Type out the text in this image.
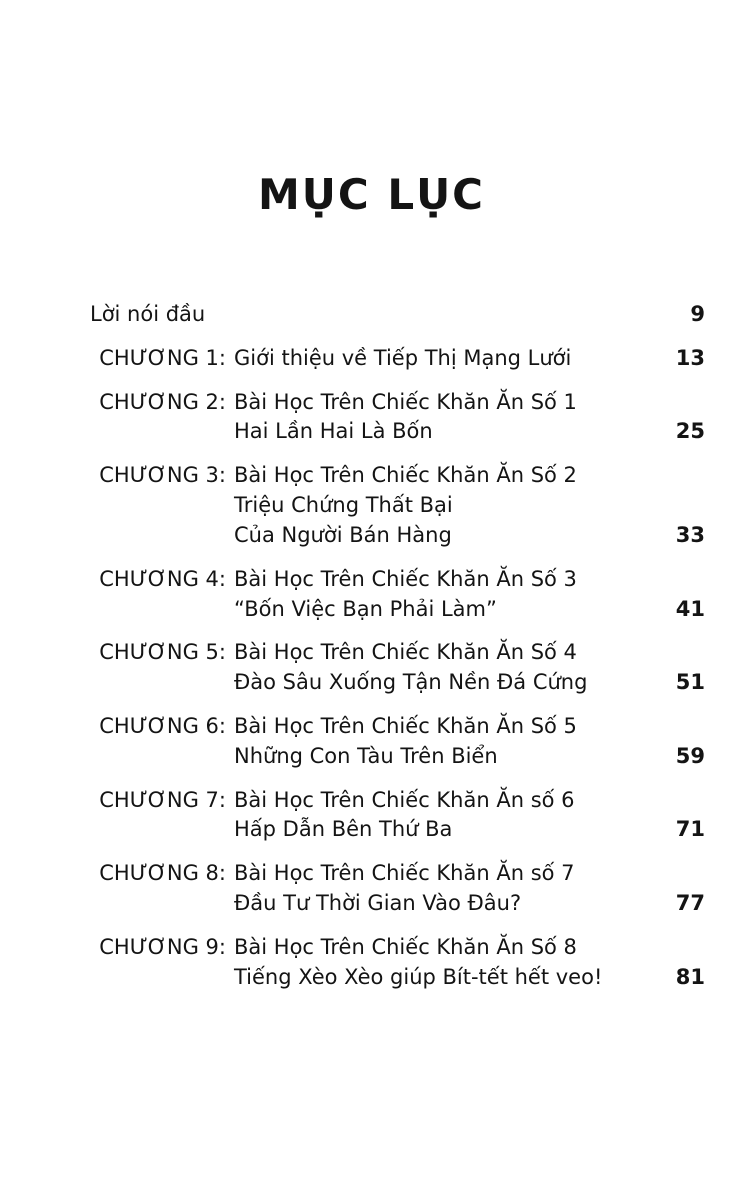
MỤC LỤC
Lời nói đầu	9
CHƯƠNG 1: Giới thiệu về Tiếp Thị Mạng Lưới	13
CHƯƠNG 2: Bài Học Trên Chiếc Khăn Ăn Số 1
Hai Lần Hai Là Bốn	25
CHƯƠNG 3: Bài Học Trên Chiếc Khăn Ăn Số 2
Triệu Chứng Thất Bại
Của Người Bán Hàng	33
CHƯƠNG 4: Bài Học Trên Chiếc Khăn Ăn Số 3
“Bốn Việc Bạn Phải Làm”	41
CHƯƠNG 5: Bài Học Trên Chiếc Khăn Ăn Số 4
Đào Sâu Xuống Tận Nền Đá Cứng	51
CHƯƠNG 6: Bài Học Trên Chiếc Khăn Ăn Số 5
Những Con Tàu Trên Biển	59
CHƯƠNG 7: Bài Học Trên Chiếc Khăn Ăn số 6
Hấp Dẫn Bên Thứ Ba	71
CHƯƠNG 8: Bài Học Trên Chiếc Khăn Ăn số 7
Đầu Tư Thời Gian Vào Đâu?	77
CHƯƠNG 9: Bài Học Trên Chiếc Khăn Ăn Số 8
Tiếng Xèo Xèo giúp Bít-tết hết veo!	81
